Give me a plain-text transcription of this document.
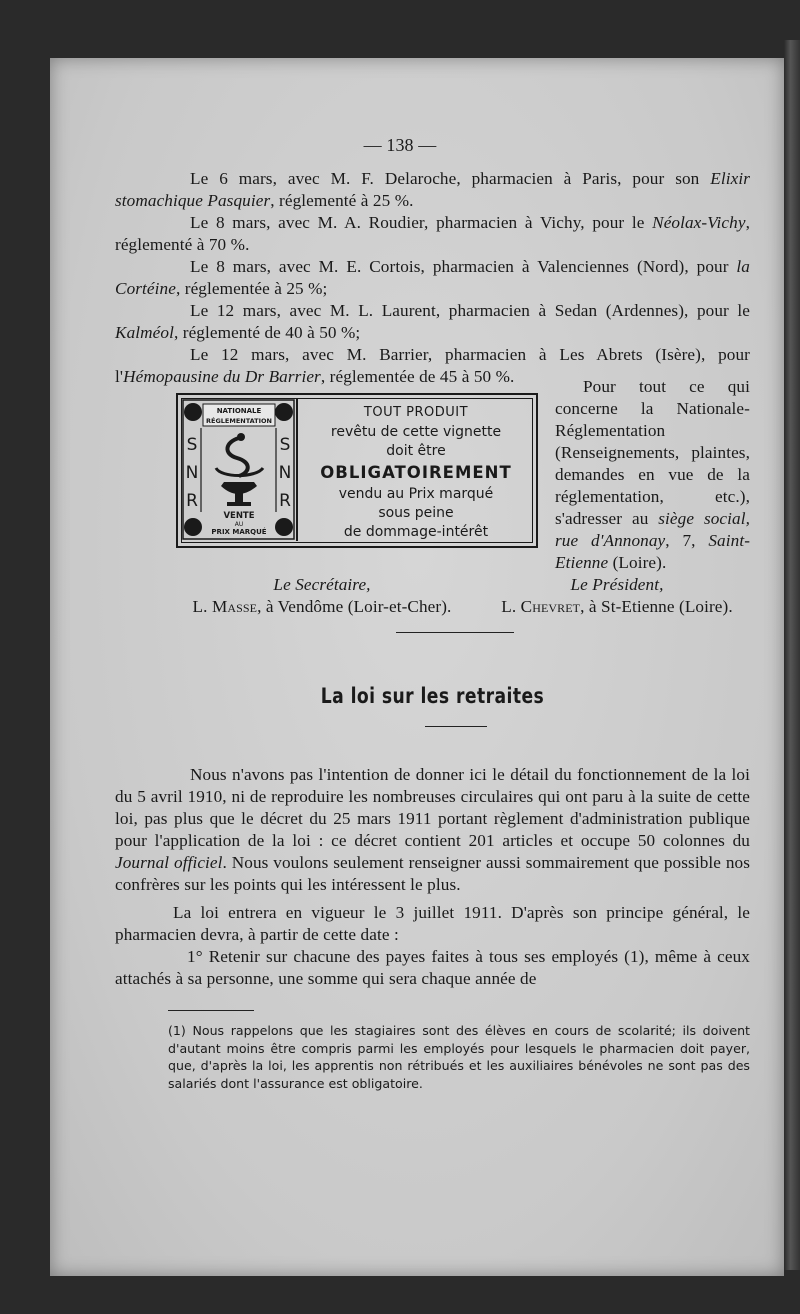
— 138 —

Le 6 mars, avec M. F. Delaroche, pharmacien à Paris, pour son Elixir stomachique Pasquier, réglementé à 25 %.

Le 8 mars, avec M. A. Roudier, pharmacien à Vichy, pour le Néolax-Vichy, réglementé à 70 %.

Le 8 mars, avec M. E. Cortois, pharmacien à Valenciennes (Nord), pour la Cortéine, réglementée à 25 %;

Le 12 mars, avec M. L. Laurent, pharmacien à Sedan (Ardennes), pour le Kalméol, réglementé de 40 à 50 %;

Le 12 mars, avec M. Barrier, pharmacien à Les Abrets (Isère), pour l'Hémopausine du Dr Barrier, réglementée de 45 à 50 %.

NATIONALE
RÉGLEMENTATION
S	S
N	N
R	R
VENTE
AU
PRIX MARQUÉ
TOUT PRODUIT
revêtu de cette vignette
doit être
OBLIGATOIREMENT
vendu au Prix marqué
sous peine
de dommage-intérêt

Pour tout ce qui concerne la Nationale-Réglementation (Renseignements, plaintes, demandes en vue de la réglementation, etc.), s'adresser au siège social, rue d'Annonay, 7, Saint-Etienne (Loire).

Le Secrétaire,
L. Masse, à Vendôme (Loir-et-Cher).
Le Président,
L. Chevret, à St-Etienne (Loire).
La loi sur les retraites

Nous n'avons pas l'intention de donner ici le détail du fonctionnement de la loi du 5 avril 1910, ni de reproduire les nombreuses circulaires qui ont paru à la suite de cette loi, pas plus que le décret du 25 mars 1911 portant règlement d'administration publique pour l'application de la loi : ce décret contient 201 articles et occupe 50 colonnes du Journal officiel. Nous voulons seulement renseigner aussi sommairement que possible nos confrères sur les points qui les intéressent le plus.

La loi entrera en vigueur le 3 juillet 1911. D'après son principe général, le pharmacien devra, à partir de cette date :

1° Retenir sur chacune des payes faites à tous ses employés (1), même à ceux attachés à sa personne, une somme qui sera chaque année de

(1) Nous rappelons que les stagiaires sont des élèves en cours de scolarité; ils doivent d'autant moins être compris parmi les employés pour lesquels le pharmacien doit payer, que, d'après la loi, les apprentis non rétribués et les auxiliaires bénévoles ne sont pas des salariés dont l'assurance est obligatoire.
